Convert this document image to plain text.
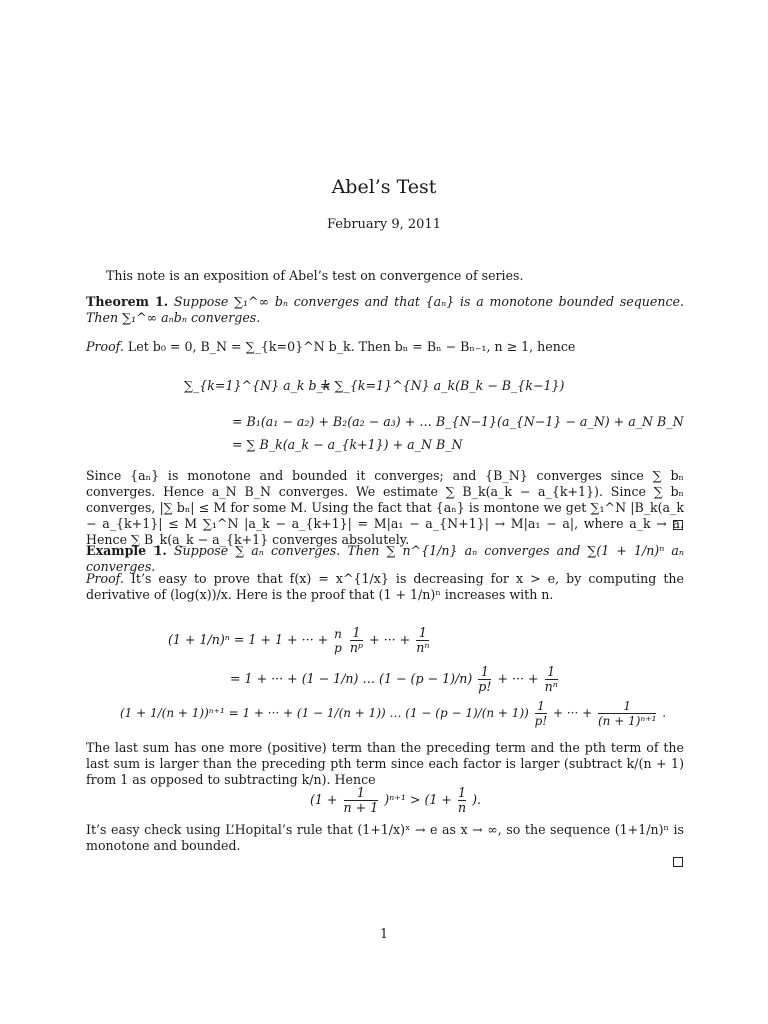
Abel’s Test
February 9, 2011
This note is an exposition of Abel’s test on convergence of series.
Theorem 1. Suppose ∑₁^∞ bₙ converges and that {aₙ} is a monotone bounded sequence. Then ∑₁^∞ aₙbₙ converges.
Proof. Let b₀ = 0, B_N = ∑_{k=0}^N b_k. Then bₙ = Bₙ − Bₙ₋₁, n ≥ 1, hence
∑_{k=1}^{N} a_k b_k
= ∑_{k=1}^{N} a_k(B_k − B_{k−1})
= B₁(a₁ − a₂) + B₂(a₂ − a₃) + … B_{N−1}(a_{N−1} − a_N) + a_N B_N
= ∑ B_k(a_k − a_{k+1}) + a_N B_N
Since {aₙ} is monotone and bounded it converges; and {B_N} converges since ∑ bₙ converges. Hence a_N B_N converges. We estimate ∑ B_k(a_k − a_{k+1}). Since ∑ bₙ converges, |∑ bₙ| ≤ M for some M. Using the fact that {aₙ} is montone we get ∑₁^N |B_k(a_k − a_{k+1}| ≤ M ∑₁^N |a_k − a_{k+1}| = M|a₁ − a_{N+1}| → M|a₁ − a|, where a_k → a. Hence ∑ B_k(a_k − a_{k+1} converges absolutely.
Example 1. Suppose ∑ aₙ converges. Then ∑ n^{1/n} aₙ converges and ∑(1 + 1/n)ⁿ aₙ converges.
Proof. It’s easy to prove that f(x) = x^{1/x} is decreasing for x > e, by computing the derivative of (log(x))/x. Here is the proof that (1 + 1/n)ⁿ increases with n.
(1 + 1/n)ⁿ = 1 + 1 + ··· + n
p
$\frac{1}{\text{nᵖ}}$ + ··· + $\frac{1}{\text{nⁿ}}$
= 1 + ··· + (1 − 1/n) … $(1 - (p - 1)/n) \frac{1}{p!}$ + ··· + $\frac{1}{\text{nⁿ}}$
(1 + 1/(n + 1))ⁿ⁺¹ = 1 + ··· + (1 − 1/(n + 1)) … $(1 - (p - 1)/(n + 1)) \frac{1}{p!}$ + ··· + $\frac{1}{\text{(n + 1)ⁿ⁺¹}}$ .
The last sum has one more (positive) term than the preceding term and the pth term of the last sum is larger than the preceding pth term since each factor is larger (subtract k/(n + 1) from 1 as opposed to subtracting k/n). Hence
$(1 + \frac{1}{n + 1} )^{n+1} > (1 + \frac{1}{n}$ ).
It’s easy check using L’Hopital’s rule that (1+1/x)ˣ → e as x → ∞, so the sequence (1+1/n)ⁿ is monotone and bounded.
1
